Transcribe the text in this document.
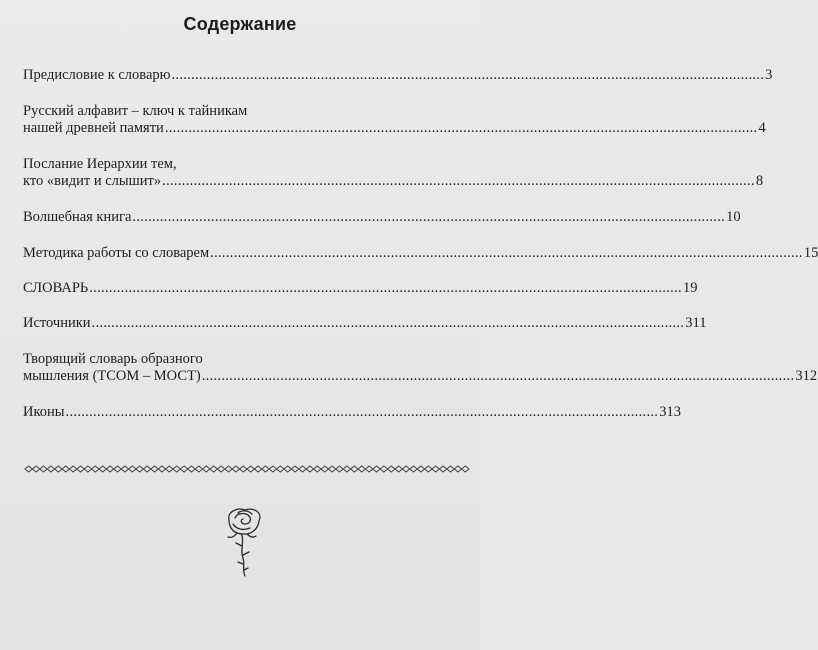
Содержание
Предисловие к словарю ....................................................................................................................................................... 3
Русский алфавит – ключ к тайникам
нашей древней памяти ....................................................................................................................................................... 4
Послание Иерархии тем,
кто «видит и слышит» ....................................................................................................................................................... 8
Волшебная книга ....................................................................................................................................................... 10
Методика работы со словарем ....................................................................................................................................................... 15
СЛОВАРЬ ....................................................................................................................................................... 19
Источники ....................................................................................................................................................... 311
Творящий словарь образного
мышления (ТСОМ – МОСТ) ....................................................................................................................................................... 312
Иконы ....................................................................................................................................................... 313
